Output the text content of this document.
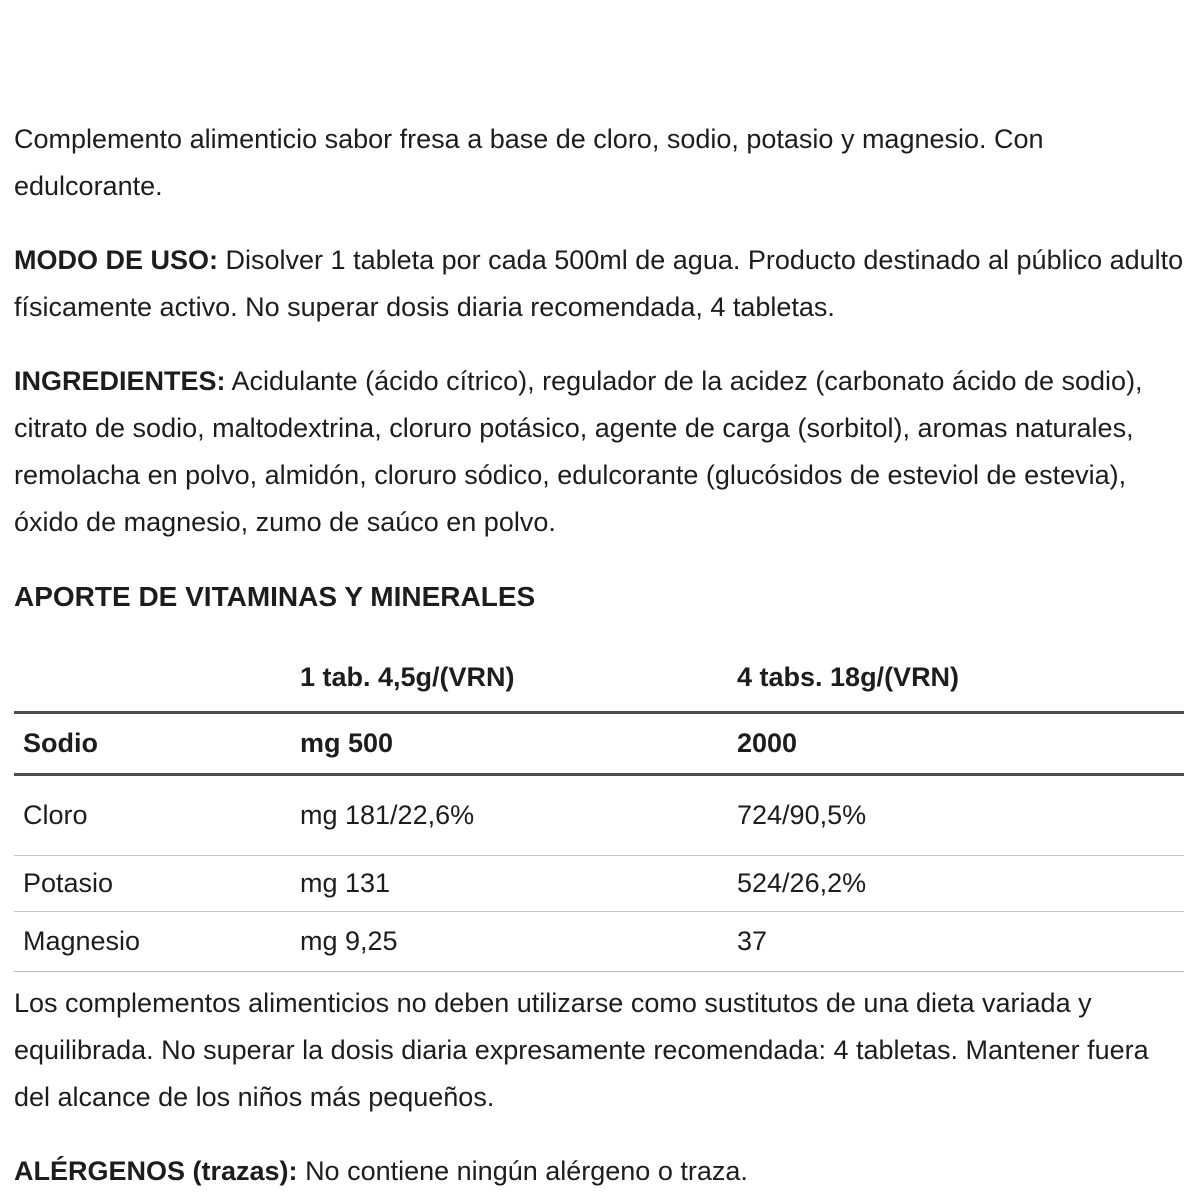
Complemento alimenticio sabor fresa a base de cloro, sodio, potasio y magnesio. Con edulcorante.

MODO DE USO: Disolver 1 tableta por cada 500ml de agua. Producto destinado al público adulto físicamente activo. No superar dosis diaria recomendada, 4 tabletas.

INGREDIENTES: Acidulante (ácido cítrico), regulador de la acidez (carbonato ácido de sodio), citrato de sodio, maltodextrina, cloruro potásico, agente de carga (sorbitol), aromas naturales, remolacha en polvo, almidón, cloruro sódico, edulcorante (glucósidos de esteviol de estevia), óxido de magnesio, zumo de saúco en polvo.

APORTE DE VITAMINAS Y MINERALES
	1 tab. 4,5g/(VRN)	4 tabs. 18g/(VRN)
Sodio	mg 500	2000
Cloro	mg 181/22,6%	724/90,5%
Potasio	mg 131	524/26,2%
Magnesio	mg 9,25	37

Los complementos alimenticios no deben utilizarse como sustitutos de una dieta variada y equilibrada. No superar la dosis diaria expresamente recomendada: 4 tabletas. Mantener fuera del alcance de los niños más pequeños.

ALÉRGENOS (trazas): No contiene ningún alérgeno o traza.
